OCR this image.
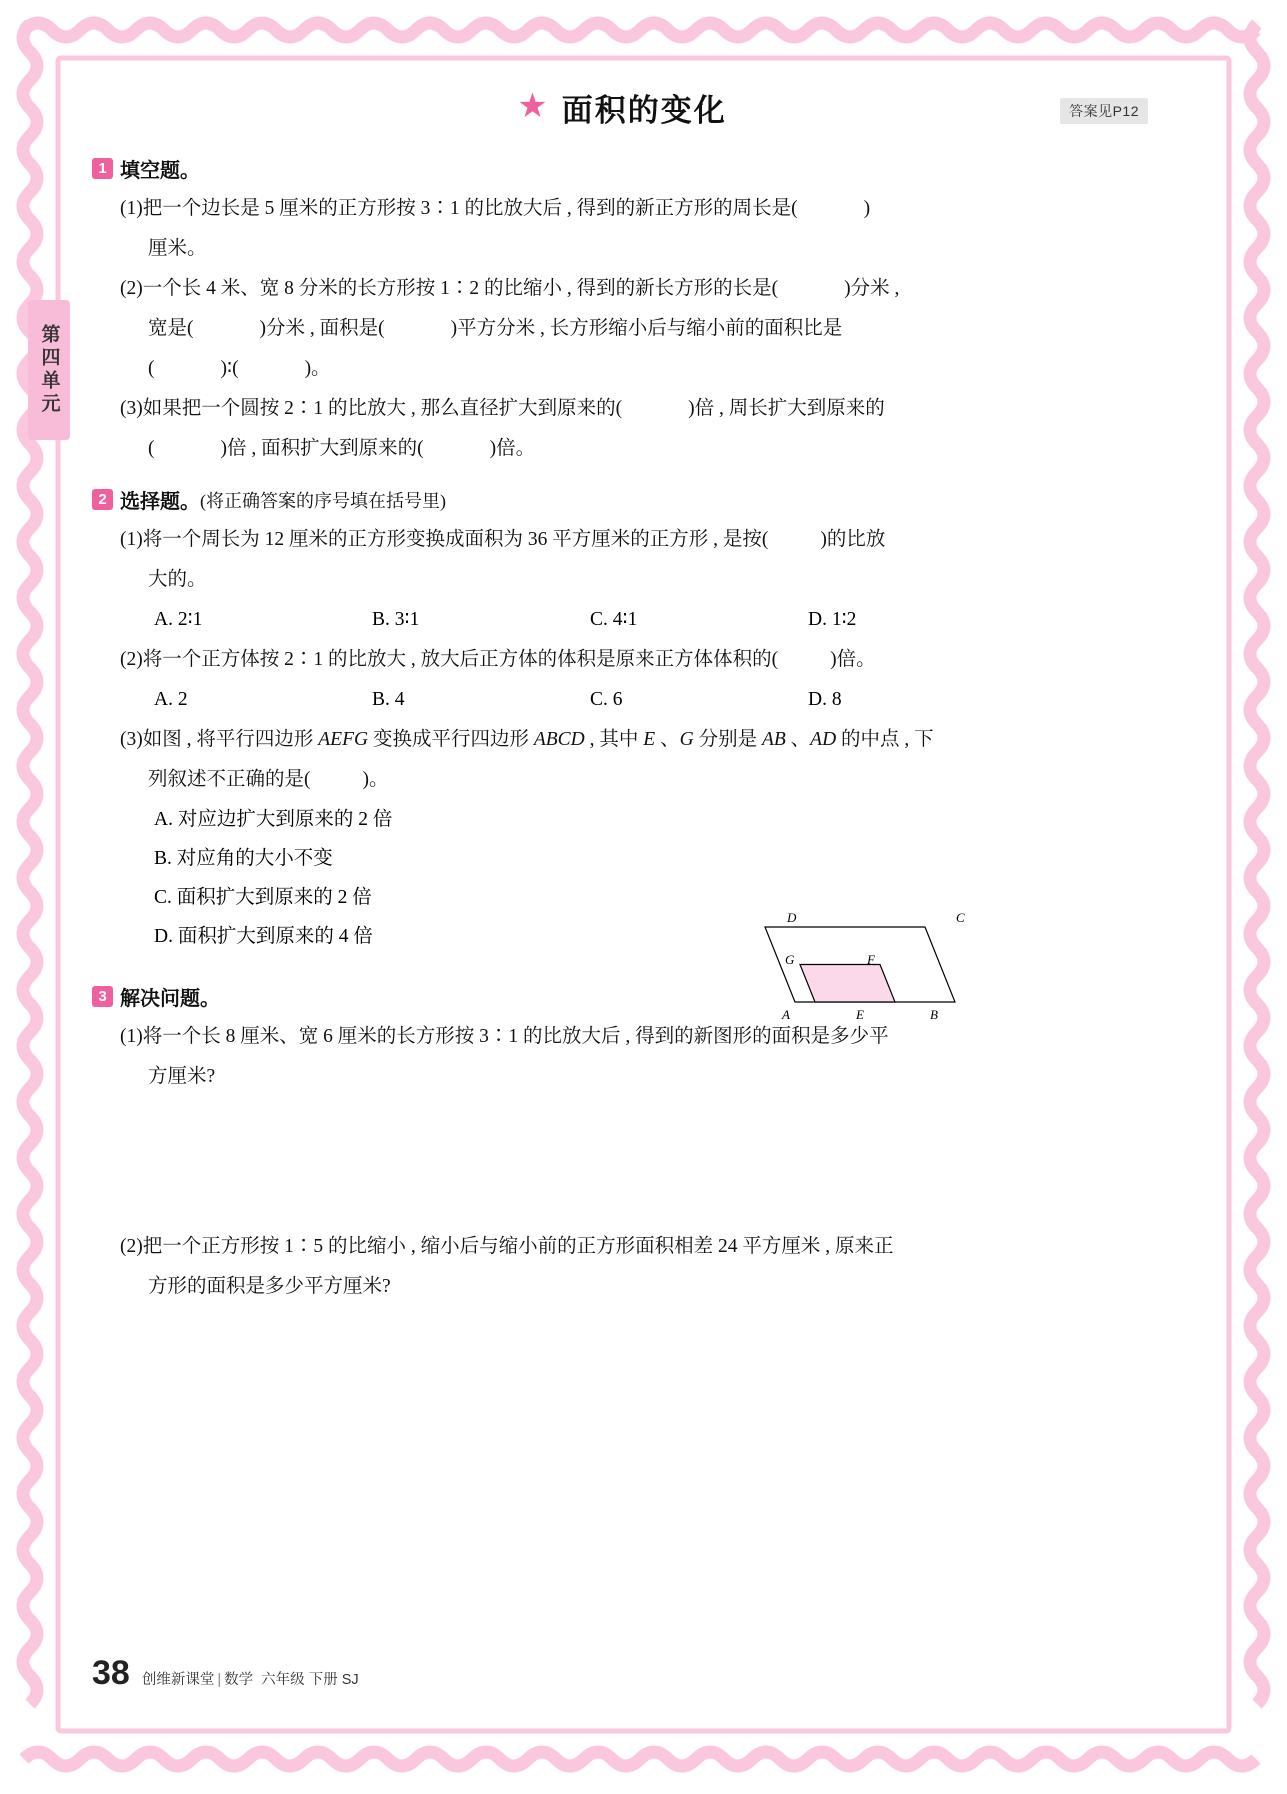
第四单元
★ 面积的变化	答案见P12
1 填空题。
(1)把一个边长是 5 厘米的正方形按 3∶1 的比放大后 , 得到的新正方形的周长是(	)
厘米。
(2)一个长 4 米、宽 8 分米的长方形按 1∶2 的比缩小 , 得到的新长方形的长是(	)分米 ,
宽是(	)分米 , 面积是(	)平方分米 , 长方形缩小后与缩小前的面积比是
(	)∶(	)。
(3)如果把一个圆按 2∶1 的比放大 , 那么直径扩大到原来的(	)倍 , 周长扩大到原来的
(	)倍 , 面积扩大到原来的(	)倍。
2 选择题。 (将正确答案的序号填在括号里)
(1)将一个周长为 12 厘米的正方形变换成面积为 36 平方厘米的正方形 , 是按(	)的比放
大的。
A. 2∶1	B. 3∶1	C. 4∶1	D. 1∶2
(2)将一个正方体按 2∶1 的比放大 , 放大后正方体的体积是原来正方体体积的(	)倍。
A. 2	B. 4	C. 6	D. 8
(3)如图 , 将平行四边形 AEFG 变换成平行四边形 ABCD , 其中 E 、G 分别是 AB 、AD 的中点 , 下
列叙述不正确的是(	)。
A. 对应边扩大到原来的 2 倍
B. 对应角的大小不变
C. 面积扩大到原来的 2 倍
D. 面积扩大到原来的 4 倍
3 解决问题。
(1)将一个长 8 厘米、宽 6 厘米的长方形按 3∶1 的比放大后 , 得到的新图形的面积是多少平
方厘米?
(2)把一个正方形按 1∶5 的比缩小 , 缩小后与缩小前的正方形面积相差 24 平方厘米 , 原来正
方形的面积是多少平方厘米?
D	C
G	F
A	E	B
38 创维新课堂 | 数学 六年级 下册 SJ
